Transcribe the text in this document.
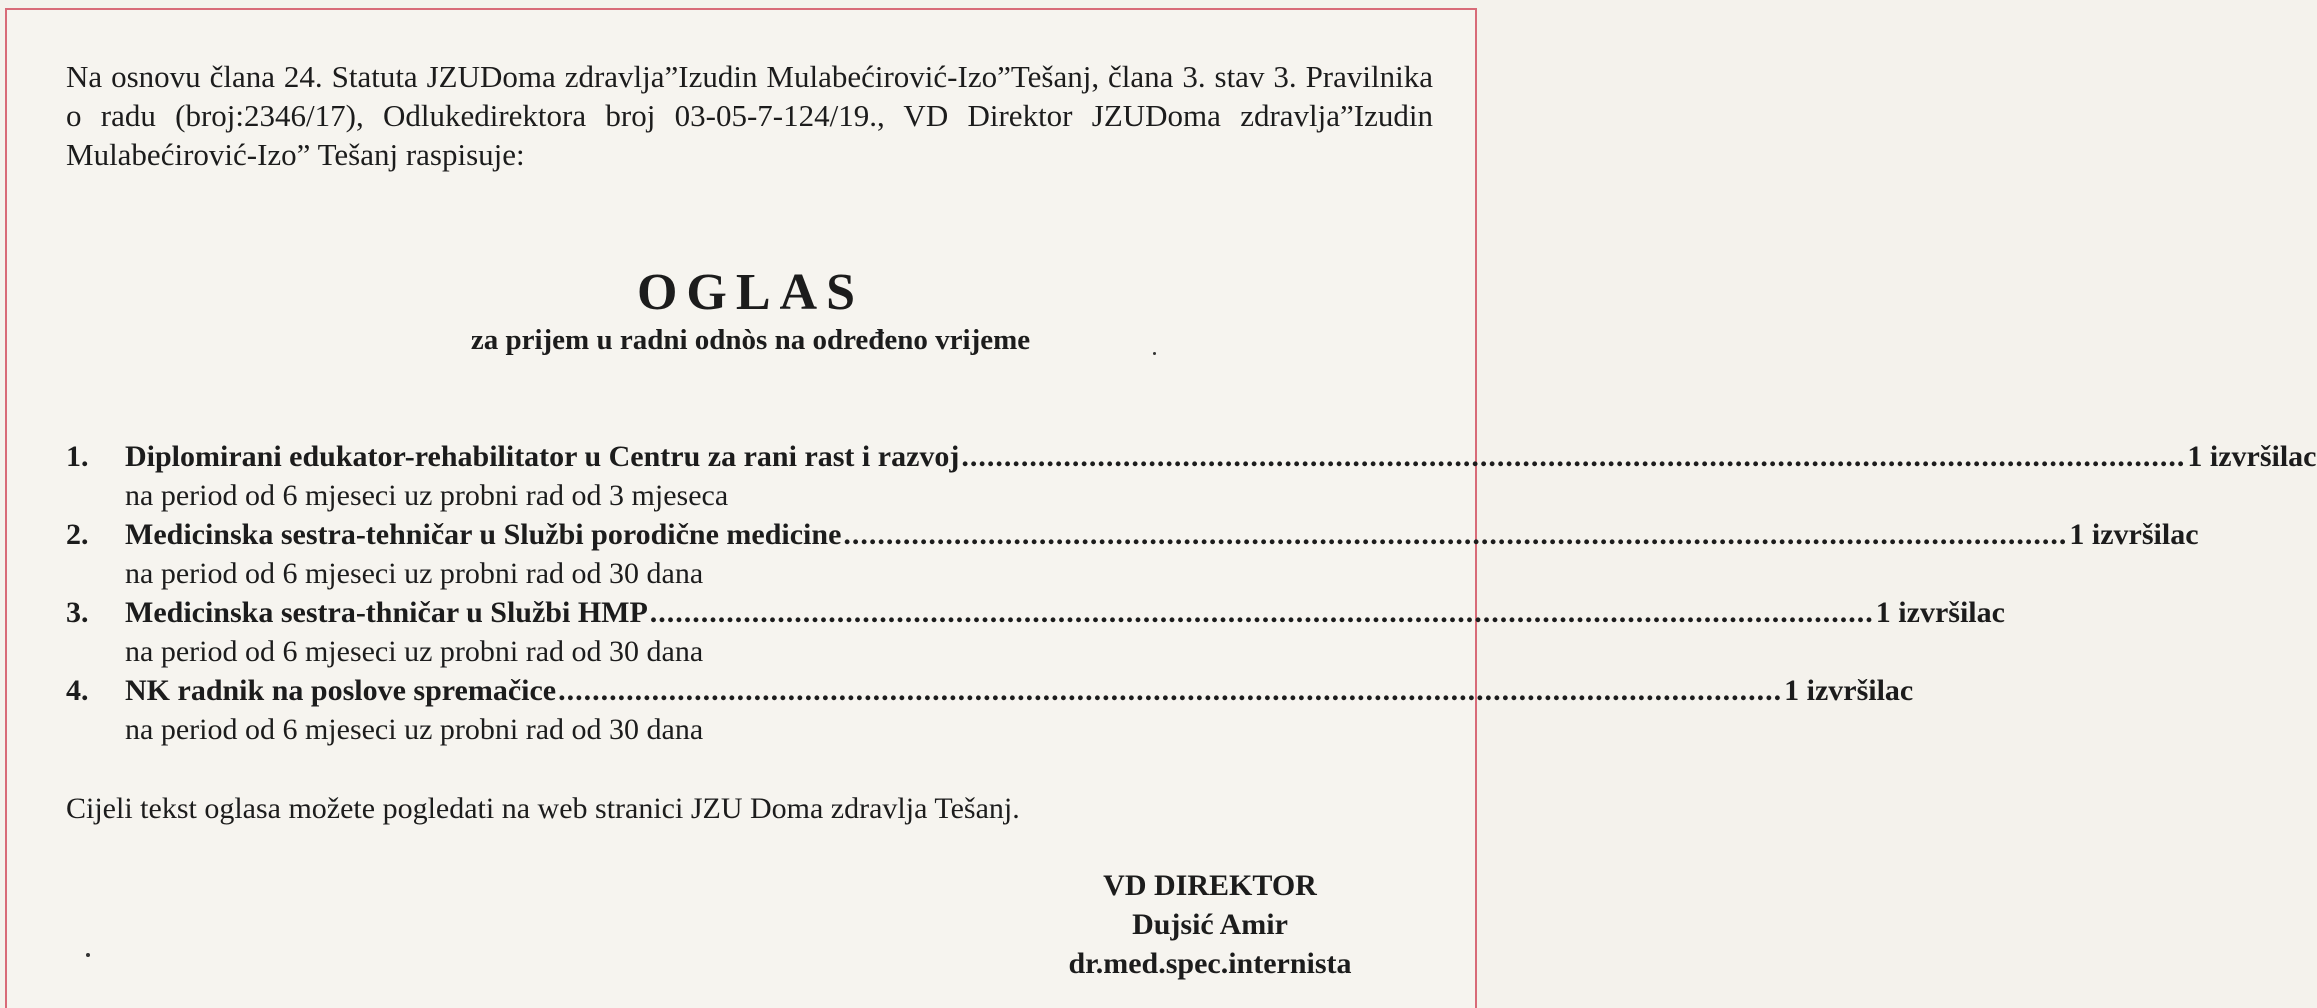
Na osnovu člana 24. Statuta JZUDoma zdravlja”Izudin Mulabećirović-Izo”Tešanj, člana 3. stav 3. Pravilnika o radu (broj:2346/17), Odlukedirektora broj 03-05-7-124/19., VD Direktor JZUDoma zdravlja”Izudin Mulabećirović-Izo” Tešanj raspisuje:

OGLAS
za prijem u radni odnòs na određeno vrijeme
1.	Diplomirani edukator-rehabilitator u Centru za rani rast i razvoj ................................................................................................................................................ 1 izvršilac
na period od 6 mjeseci uz probni rad od 3 mjeseca
2.	Medicinska sestra-tehničar u Službi porodične medicine ................................................................................................................................................ 1 izvršilac
na period od 6 mjeseci uz probni rad od 30 dana
3.	Medicinska sestra-thničar u Službi HMP ................................................................................................................................................ 1 izvršilac
na period od 6 mjeseci uz probni rad od 30 dana
4.	NK radnik na poslove spremačice ................................................................................................................................................ 1 izvršilac
na period od 6 mjeseci uz probni rad od 30 dana

Cijeli tekst oglasa možete pogledati na web stranici JZU Doma zdravlja Tešanj.

VD DIREKTOR
Dujsić Amir
dr.med.spec.internista
